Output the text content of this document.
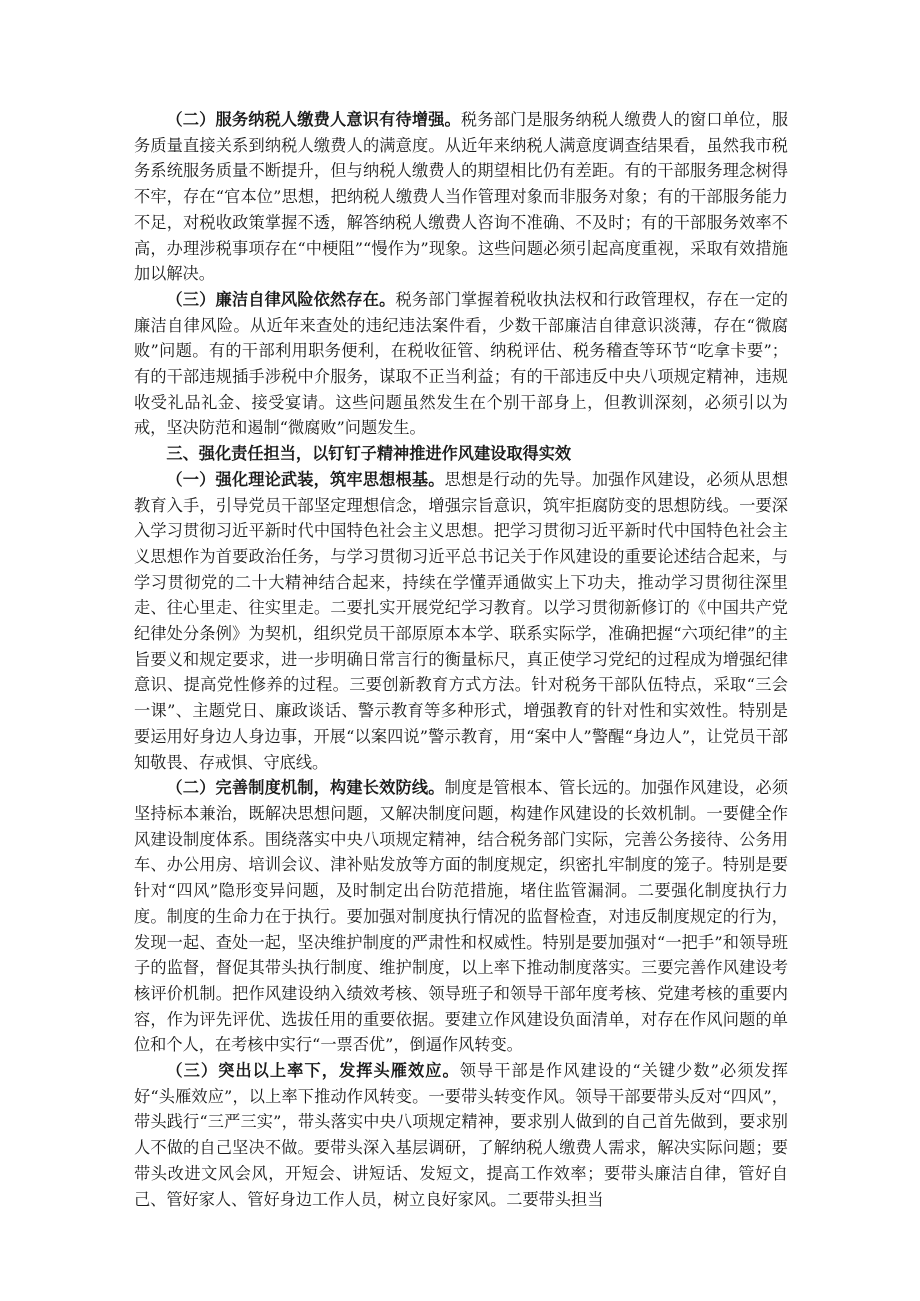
（二）服务纳税人缴费人意识有待增强。税务部门是服务纳税人缴费人的窗口单位，服务质量直接关系到纳税人缴费人的满意度。从近年来纳税人满意度调查结果看，虽然我市税务系统服务质量不断提升，但与纳税人缴费人的期望相比仍有差距。有的干部服务理念树得不牢，存在“官本位”思想，把纳税人缴费人当作管理对象而非服务对象；有的干部服务能力不足，对税收政策掌握不透，解答纳税人缴费人咨询不准确、不及时；有的干部服务效率不高，办理涉税事项存在“中梗阻”“慢作为”现象。这些问题必须引起高度重视，采取有效措施加以解决。

（三）廉洁自律风险依然存在。税务部门掌握着税收执法权和行政管理权，存在一定的廉洁自律风险。从近年来查处的违纪违法案件看，少数干部廉洁自律意识淡薄，存在“微腐败”问题。有的干部利用职务便利，在税收征管、纳税评估、税务稽查等环节“吃拿卡要”；有的干部违规插手涉税中介服务，谋取不正当利益；有的干部违反中央八项规定精神，违规收受礼品礼金、接受宴请。这些问题虽然发生在个别干部身上，但教训深刻，必须引以为戒，坚决防范和遏制“微腐败”问题发生。

三、强化责任担当，以钉钉子精神推进作风建设取得实效

（一）强化理论武装，筑牢思想根基。思想是行动的先导。加强作风建设，必须从思想教育入手，引导党员干部坚定理想信念，增强宗旨意识，筑牢拒腐防变的思想防线。一要深入学习贯彻习近平新时代中国特色社会主义思想。把学习贯彻习近平新时代中国特色社会主义思想作为首要政治任务，与学习贯彻习近平总书记关于作风建设的重要论述结合起来，与学习贯彻党的二十大精神结合起来，持续在学懂弄通做实上下功夫，推动学习贯彻往深里走、往心里走、往实里走。二要扎实开展党纪学习教育。以学习贯彻新修订的《中国共产党纪律处分条例》为契机，组织党员干部原原本本学、联系实际学，准确把握“六项纪律”的主旨要义和规定要求，进一步明确日常言行的衡量标尺，真正使学习党纪的过程成为增强纪律意识、提高党性修养的过程。三要创新教育方式方法。针对税务干部队伍特点，采取“三会一课”、主题党日、廉政谈话、警示教育等多种形式，增强教育的针对性和实效性。特别是要运用好身边人身边事，开展“以案四说”警示教育，用“案中人”警醒“身边人”，让党员干部知敬畏、存戒惧、守底线。

（二）完善制度机制，构建长效防线。制度是管根本、管长远的。加强作风建设，必须坚持标本兼治，既解决思想问题，又解决制度问题，构建作风建设的长效机制。一要健全作风建设制度体系。围绕落实中央八项规定精神，结合税务部门实际，完善公务接待、公务用车、办公用房、培训会议、津补贴发放等方面的制度规定，织密扎牢制度的笼子。特别是要针对“四风”隐形变异问题，及时制定出台防范措施，堵住监管漏洞。二要强化制度执行力度。制度的生命力在于执行。要加强对制度执行情况的监督检查，对违反制度规定的行为，发现一起、查处一起，坚决维护制度的严肃性和权威性。特别是要加强对“一把手”和领导班子的监督，督促其带头执行制度、维护制度，以上率下推动制度落实。三要完善作风建设考核评价机制。把作风建设纳入绩效考核、领导班子和领导干部年度考核、党建考核的重要内容，作为评先评优、选拔任用的重要依据。要建立作风建设负面清单，对存在作风问题的单位和个人，在考核中实行“一票否优”，倒逼作风转变。

（三）突出以上率下，发挥头雁效应。领导干部是作风建设的“关键少数”必须发挥好“头雁效应”，以上率下推动作风转变。一要带头转变作风。领导干部要带头反对“四风”，带头践行“三严三实”，带头落实中央八项规定精神，要求别人做到的自己首先做到，要求别人不做的自己坚决不做。要带头深入基层调研，了解纳税人缴费人需求，解决实际问题；要带头改进文风会风，开短会、讲短话、发短文，提高工作效率；要带头廉洁自律，管好自己、管好家人、管好身边工作人员，树立良好家风。二要带头担当
